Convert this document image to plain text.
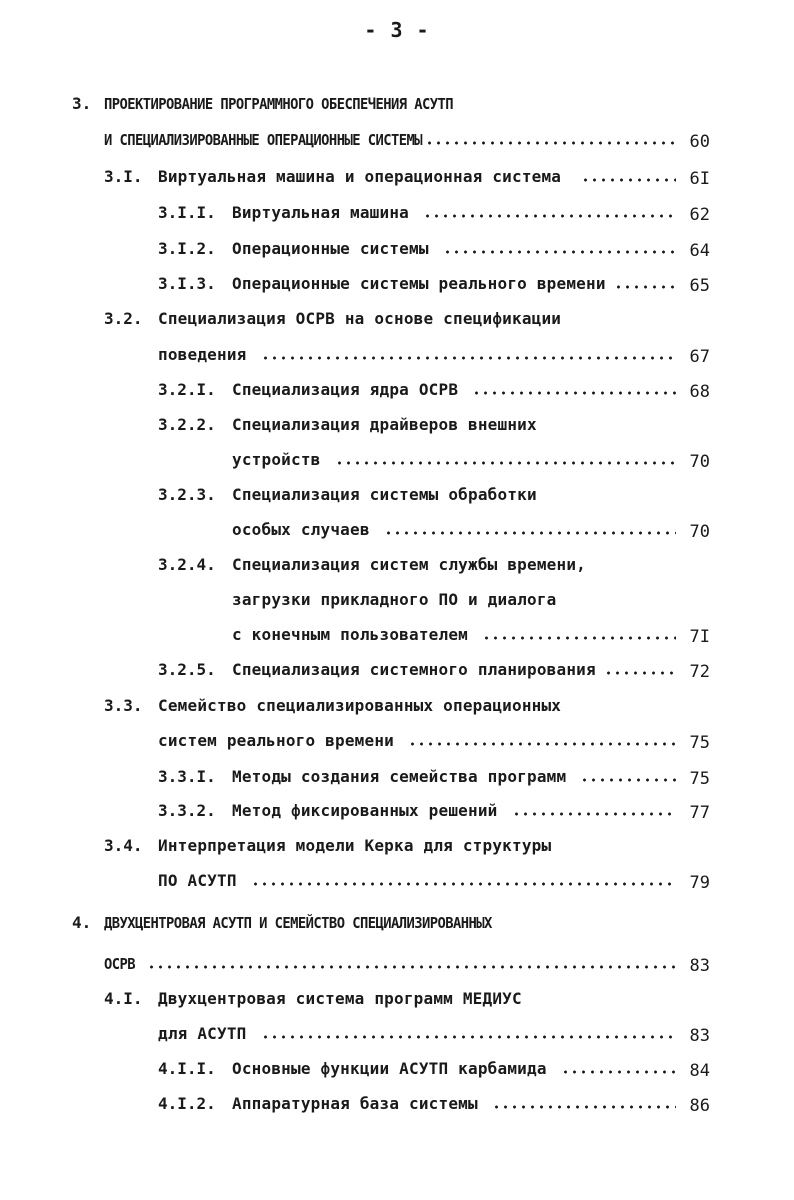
- 3 -
3. ПРОЕКТИРОВАНИЕ ПРОГРАММНОГО ОБЕСПЕЧЕНИЯ АСУТП
И СПЕЦИАЛИЗИРОВАННЫЕ ОПЕРАЦИОННЫЕ СИСТЕМЫ	60
3.I. Виртуальная машина и операционная система	6I
3.I.I. Виртуальная машина	62
3.I.2. Операционные системы	64
3.I.3. Операционные системы реального времени	65
3.2. Специализация ОСРВ на основе спецификации
поведения	67
3.2.I. Специализация ядра ОСРВ	68
3.2.2. Специализация драйверов внешних
устройств	70
3.2.3. Специализация системы обработки
особых случаев	70
3.2.4. Специализация систем службы времени,
загрузки прикладного ПО и диалога
с конечным пользователем	7I
3.2.5. Специализация системного планирования	72
3.3. Семейство специализированных операционных
систем реального времени	75
3.3.I. Методы создания семейства программ	75
3.3.2. Метод фиксированных решений	77
3.4. Интерпретация модели Керка для структуры
ПО АСУТП	79
4. ДВУХЦЕНТРОВАЯ АСУТП И СЕМЕЙСТВО СПЕЦИАЛИЗИРОВАННЫХ
ОСРВ	83
4.I. Двухцентровая система программ МЕДИУС
для АСУТП	83
4.I.I. Основные функции АСУТП карбамида	84
4.I.2. Аппаратурная база системы	86
